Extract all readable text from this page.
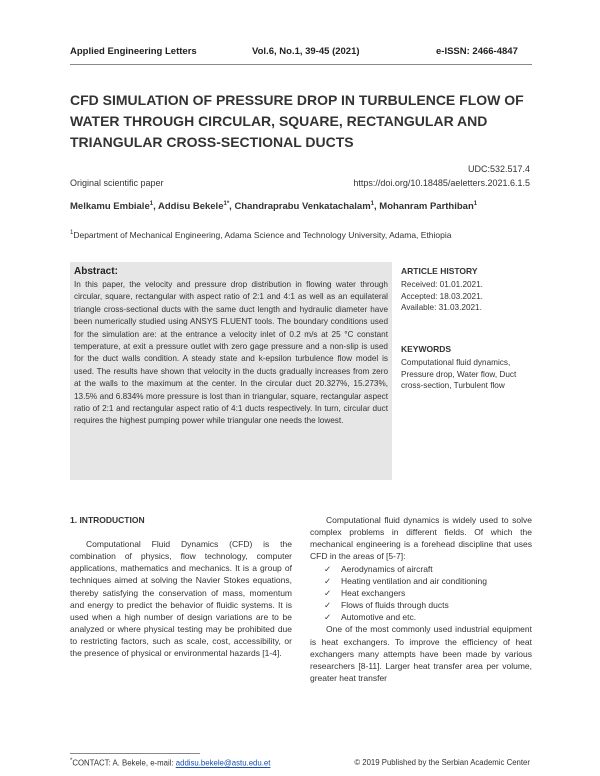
Applied Engineering Letters	Vol.6, No.1, 39-45 (2021)	e-ISSN: 2466-4847
CFD SIMULATION OF PRESSURE DROP IN TURBULENCE FLOW OF WATER THROUGH CIRCULAR, SQUARE, RECTANGULAR AND TRIANGULAR CROSS-SECTIONAL DUCTS
UDC:532.517.4
Original scientific paper	https://doi.org/10.18485/aeletters.2021.6.1.5
Melkamu Embiale$^1$, Addisu Bekele$^{1*}$, Chandraprabu Venkatachalam$^1$, Mohanram Parthiban$^1$
$^1$Department of Mechanical Engineering, Adama Science and Technology University, Adama, Ethiopia
Abstract:
In this paper, the velocity and pressure drop distribution in flowing water through circular, square, rectangular with aspect ratio of 2:1 and 4:1 as well as an equilateral triangle cross-sectional ducts with the same duct length and hydraulic diameter have been numerically studied using ANSYS FLUENT tools. The boundary conditions used for the simulation are: at the entrance a velocity inlet of 0.2 m/s at 25 °C constant temperature, at exit a pressure outlet with zero gage pressure and a non-slip is used for the duct walls condition. A steady state and k-epsilon turbulence flow model is used. The results have shown that velocity in the ducts gradually increases from zero at the walls to the maximum at the center. In the circular duct 20.327%, 15.273%, 13.5% and 6.834% more pressure is lost than in triangular, square, rectangular aspect ratio of 2:1 and rectangular aspect ratio of 4:1 ducts respectively. In turn, circular duct requires the highest pumping power while triangular one needs the lowest.
ARTICLE HISTORY
Received: 01.01.2021.
Accepted: 18.03.2021.
Available: 31.03.2021.
KEYWORDS
Computational fluid dynamics, Pressure drop, Water flow, Duct cross-section, Turbulent flow
1. INTRODUCTION

Computational Fluid Dynamics (CFD) is the combination of physics, flow technology, computer applications, mathematics and mechanics. It is a group of techniques aimed at solving the Navier Stokes equations, thereby satisfying the conservation of mass, momentum and energy to predict the behavior of fluidic systems. It is used when a high number of design variations are to be analyzed or where physical testing may be prohibited due to restricting factors, such as scale, cost, accessibility, or the presence of physical or environmental hazards [1-4].

Computational fluid dynamics is widely used to solve complex problems in different fields. Of which the mechanical engineering is a forehead discipline that uses CFD in the areas of [5-7]:

✓ Aerodynamics of aircraft
✓ Heating ventilation and air conditioning
✓ Heat exchangers
✓ Flows of fluids through ducts
✓ Automotive and etc.

One of the most commonly used industrial equipment is heat exchangers. To improve the efficiency of heat exchangers many attempts have been made by various researchers [8-11]. Larger heat transfer area per volume, greater heat transfer

*CONTACT: A. Bekele, e-mail: addisu.bekele@astu.edu.et	© 2019 Published by the Serbian Academic Center
